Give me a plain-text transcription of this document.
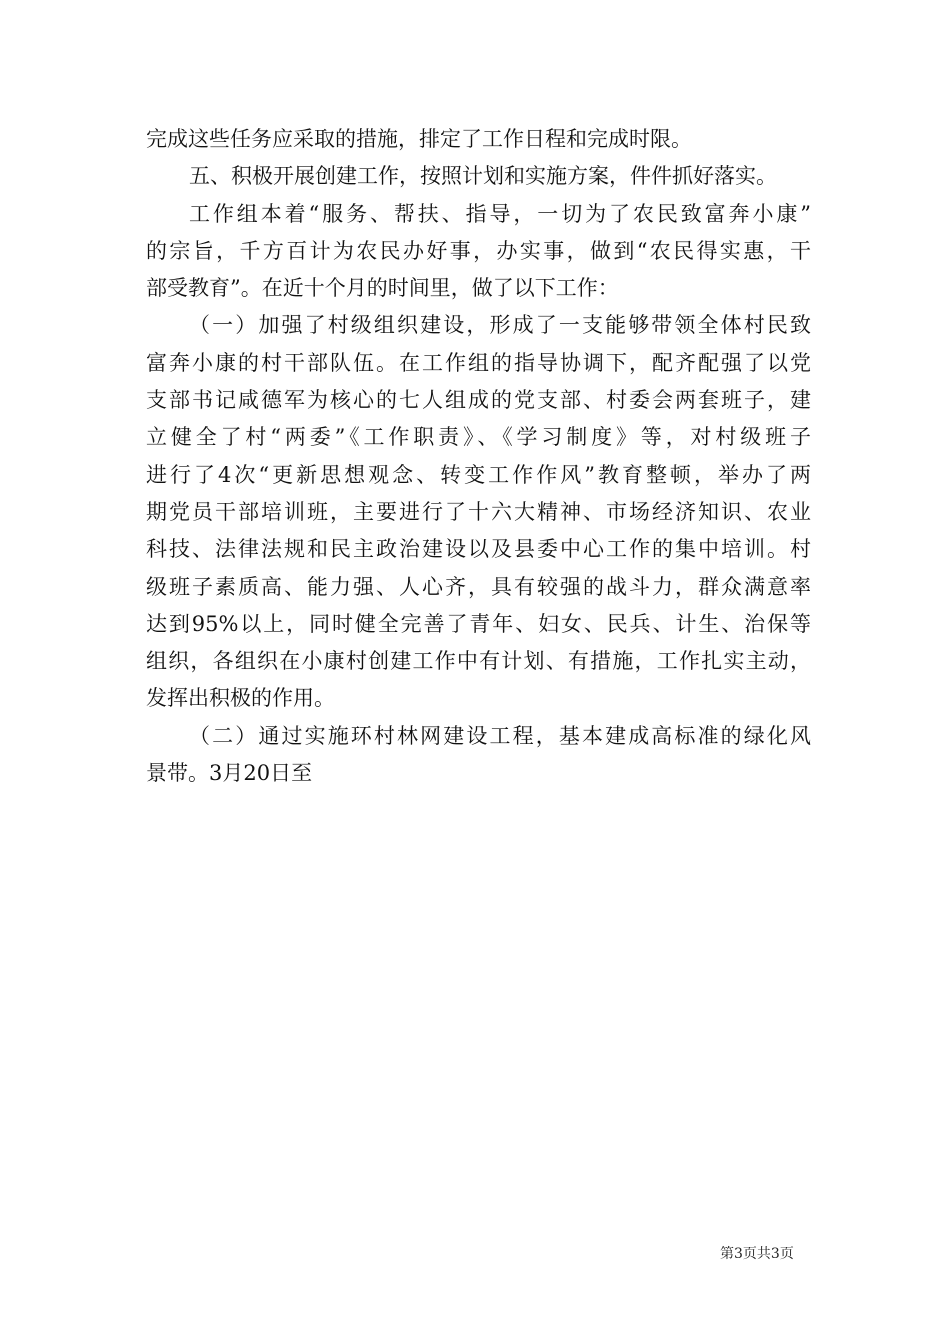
完成这些任务应采取的措施，排定了工作日程和完成时限。
五、积极开展创建工作，按照计划和实施方案，件件抓好落实。
工作组本着“服务、帮扶、指导，一切为了农民致富奔小康”
的宗旨，千方百计为农民办好事，办实事，做到“农民得实惠，干
部受教育”。在近十个月的时间里，做了以下工作：
（一）加强了村级组织建设，形成了一支能够带领全体村民致
富奔小康的村干部队伍。在工作组的指导协调下，配齐配强了以党
支部书记咸德军为核心的七人组成的党支部、村委会两套班子，建
立健全了村“两委”《工作职责》、《学习制度》等，对村级班子
进行了4次“更新思想观念、转变工作作风”教育整顿，举办了两
期党员干部培训班，主要进行了十六大精神、市场经济知识、农业
科技、法律法规和民主政治建设以及县委中心工作的集中培训。村
级班子素质高、能力强、人心齐，具有较强的战斗力，群众满意率
达到95%以上，同时健全完善了青年、妇女、民兵、计生、治保等
组织，各组织在小康村创建工作中有计划、有措施，工作扎实主动，
发挥出积极的作用。
（二）通过实施环村林网建设工程，基本建成高标准的绿化风
景带。3月20日至
第3页共3页
